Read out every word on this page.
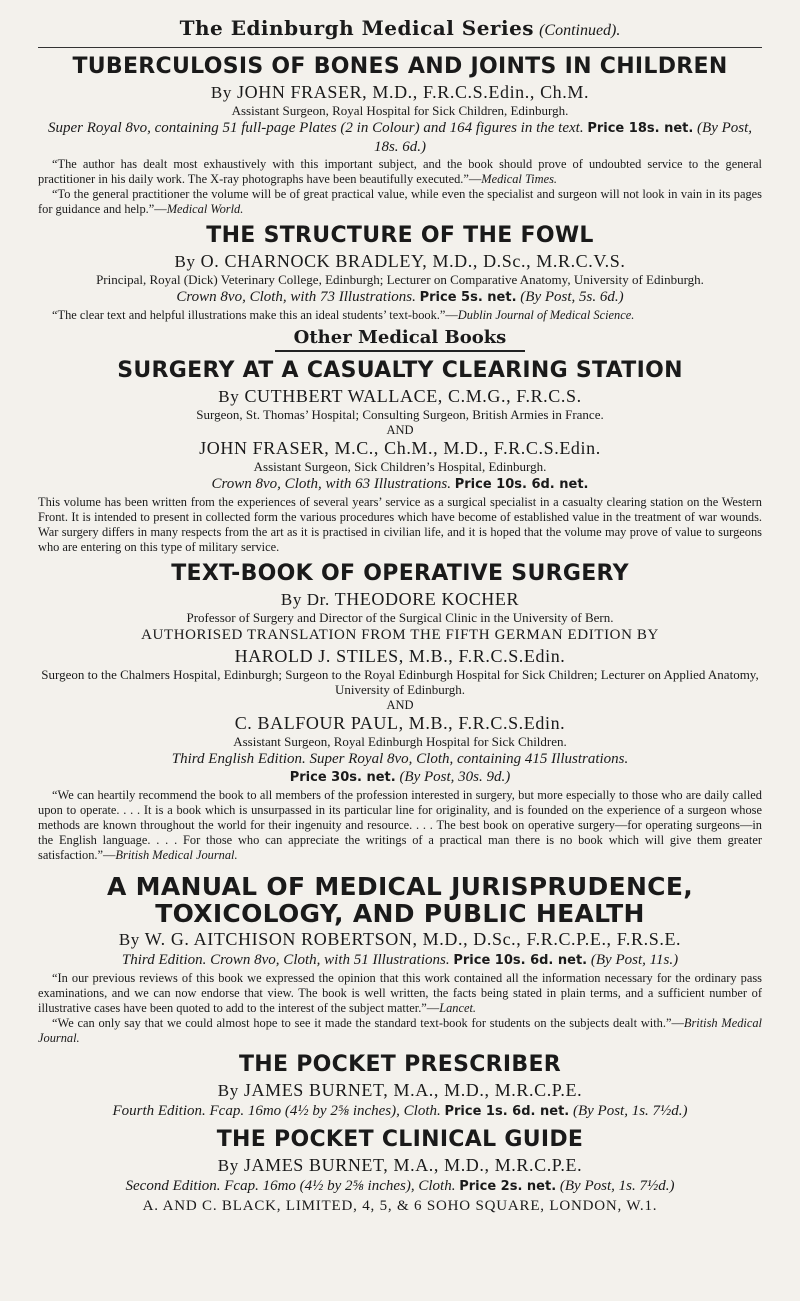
The Edinburgh Medical Series (Continued).
TUBERCULOSIS OF BONES AND JOINTS IN CHILDREN

By JOHN FRASER, M.D., F.R.C.S.Edin., Ch.M.

Assistant Surgeon, Royal Hospital for Sick Children, Edinburgh.

Super Royal 8vo, containing 51 full-page Plates (2 in Colour) and 164 figures in the text. Price 18s. net. (By Post, 18s. 6d.)

“The author has dealt most exhaustively with this important subject, and the book should prove of undoubted service to the general practitioner in his daily work. The X-ray photographs have been beautifully executed.”—Medical Times.

“To the general practitioner the volume will be of great practical value, while even the specialist and surgeon will not look in vain in its pages for guidance and help.”—Medical World.

THE STRUCTURE OF THE FOWL

By O. CHARNOCK BRADLEY, M.D., D.Sc., M.R.C.V.S.

Principal, Royal (Dick) Veterinary College, Edinburgh; Lecturer on Comparative Anatomy, University of Edinburgh.

Crown 8vo, Cloth, with 73 Illustrations. Price 5s. net. (By Post, 5s. 6d.)

“The clear text and helpful illustrations make this an ideal students’ text-book.”—Dublin Journal of Medical Science.

Other Medical Books
SURGERY AT A CASUALTY CLEARING STATION

By CUTHBERT WALLACE, C.M.G., F.R.C.S.

Surgeon, St. Thomas’ Hospital; Consulting Surgeon, British Armies in France.

AND

JOHN FRASER, M.C., Ch.M., M.D., F.R.C.S.Edin.

Assistant Surgeon, Sick Children’s Hospital, Edinburgh.

Crown 8vo, Cloth, with 63 Illustrations. Price 10s. 6d. net.

This volume has been written from the experiences of several years’ service as a surgical specialist in a casualty clearing station on the Western Front. It is intended to present in collected form the various procedures which have become of established value in the treatment of war wounds. War surgery differs in many respects from the art as it is practised in civilian life, and it is hoped that the volume may prove of value to surgeons who are entering on this type of military service.

TEXT-BOOK OF OPERATIVE SURGERY

By Dr. THEODORE KOCHER

Professor of Surgery and Director of the Surgical Clinic in the University of Bern.

AUTHORISED TRANSLATION FROM THE FIFTH GERMAN EDITION BY

HAROLD J. STILES, M.B., F.R.C.S.Edin.

Surgeon to the Chalmers Hospital, Edinburgh; Surgeon to the Royal Edinburgh Hospital for Sick Children; Lecturer on Applied Anatomy, University of Edinburgh.

AND

C. BALFOUR PAUL, M.B., F.R.C.S.Edin.

Assistant Surgeon, Royal Edinburgh Hospital for Sick Children.

Third English Edition. Super Royal 8vo, Cloth, containing 415 Illustrations.
Price 30s. net. (By Post, 30s. 9d.)

“We can heartily recommend the book to all members of the profession interested in surgery, but more especially to those who are daily called upon to operate. . . . It is a book which is unsurpassed in its particular line for originality, and is founded on the experience of a surgeon whose methods are known throughout the world for their ingenuity and resource. . . . The best book on operative surgery—for operating surgeons—in the English language. . . . For those who can appreciate the writings of a practical man there is no book which will give them greater satisfaction.”—British Medical Journal.

A MANUAL OF MEDICAL JURISPRUDENCE,
TOXICOLOGY, AND PUBLIC HEALTH

By W. G. AITCHISON ROBERTSON, M.D., D.Sc., F.R.C.P.E., F.R.S.E.

Third Edition. Crown 8vo, Cloth, with 51 Illustrations. Price 10s. 6d. net. (By Post, 11s.)

“In our previous reviews of this book we expressed the opinion that this work contained all the information necessary for the ordinary pass examinations, and we can now endorse that view. The book is well written, the facts being stated in plain terms, and a sufficient number of illustrative cases have been quoted to add to the interest of the subject matter.”—Lancet.

“We can only say that we could almost hope to see it made the standard text-book for students on the subjects dealt with.”—British Medical Journal.

THE POCKET PRESCRIBER

By JAMES BURNET, M.A., M.D., M.R.C.P.E.

Fourth Edition. Fcap. 16mo (4½ by 2⅝ inches), Cloth. Price 1s. 6d. net. (By Post, 1s. 7½d.)

THE POCKET CLINICAL GUIDE

By JAMES BURNET, M.A., M.D., M.R.C.P.E.

Second Edition. Fcap. 16mo (4½ by 2⅝ inches), Cloth. Price 2s. net. (By Post, 1s. 7½d.)

A. AND C. BLACK, LIMITED, 4, 5, & 6 SOHO SQUARE, LONDON, W.1.
